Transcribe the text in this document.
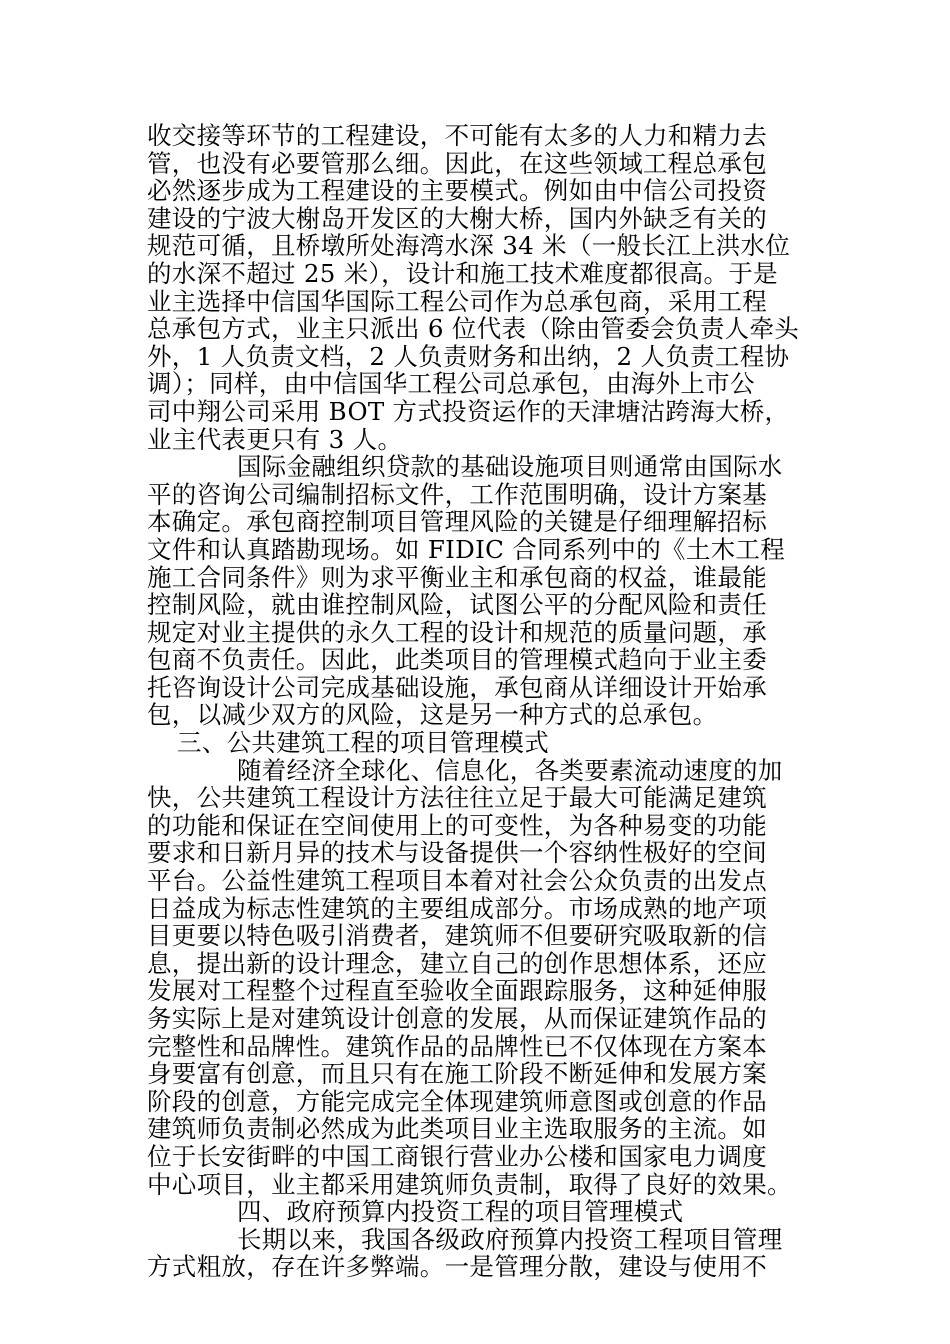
收交接等环节的工程建设，不可能有太多的人力和精力去
管，也没有必要管那么细。因此，在这些领域工程总承包
必然逐步成为工程建设的主要模式。例如由中信公司投资
建设的宁波大榭岛开发区的大榭大桥，国内外缺乏有关的
规范可循，且桥墩所处海湾水深 34 米（一般长江上洪水位
的水深不超过 25 米），设计和施工技术难度都很高。于是
业主选择中信国华国际工程公司作为总承包商，采用工程
总承包方式，业主只派出 6 位代表（除由管委会负责人牵头
外，1 人负责文档，2 人负责财务和出纳，2 人负责工程协
调）；同样，由中信国华工程公司总承包，由海外上市公
司中翔公司采用 BOT 方式投资运作的天津塘沽跨海大桥，
业主代表更只有 3 人。
国际金融组织贷款的基础设施项目则通常由国际水
平的咨询公司编制招标文件，工作范围明确，设计方案基
本确定。承包商控制项目管理风险的关键是仔细理解招标
文件和认真踏勘现场。如 FIDIC 合同系列中的《土木工程
施工合同条件》则为求平衡业主和承包商的权益，谁最能
控制风险，就由谁控制风险，试图公平的分配风险和责任
规定对业主提供的永久工程的设计和规范的质量问题，承
包商不负责任。因此，此类项目的管理模式趋向于业主委
托咨询设计公司完成基础设施，承包商从详细设计开始承
包，以减少双方的风险，这是另一种方式的总承包。
三、公共建筑工程的项目管理模式
随着经济全球化、信息化，各类要素流动速度的加
快，公共建筑工程设计方法往往立足于最大可能满足建筑
的功能和保证在空间使用上的可变性，为各种易变的功能
要求和日新月异的技术与设备提供一个容纳性极好的空间
平台。公益性建筑工程项目本着对社会公众负责的出发点
日益成为标志性建筑的主要组成部分。市场成熟的地产项
目更要以特色吸引消费者，建筑师不但要研究吸取新的信
息，提出新的设计理念，建立自己的创作思想体系，还应
发展对工程整个过程直至验收全面跟踪服务，这种延伸服
务实际上是对建筑设计创意的发展，从而保证建筑作品的
完整性和品牌性。建筑作品的品牌性已不仅体现在方案本
身要富有创意，而且只有在施工阶段不断延伸和发展方案
阶段的创意，方能完成完全体现建筑师意图或创意的作品
建筑师负责制必然成为此类项目业主选取服务的主流。如
位于长安街畔的中国工商银行营业办公楼和国家电力调度
中心项目，业主都采用建筑师负责制，取得了良好的效果。
四、政府预算内投资工程的项目管理模式
长期以来，我国各级政府预算内投资工程项目管理
方式粗放，存在许多弊端。一是管理分散，建设与使用不
